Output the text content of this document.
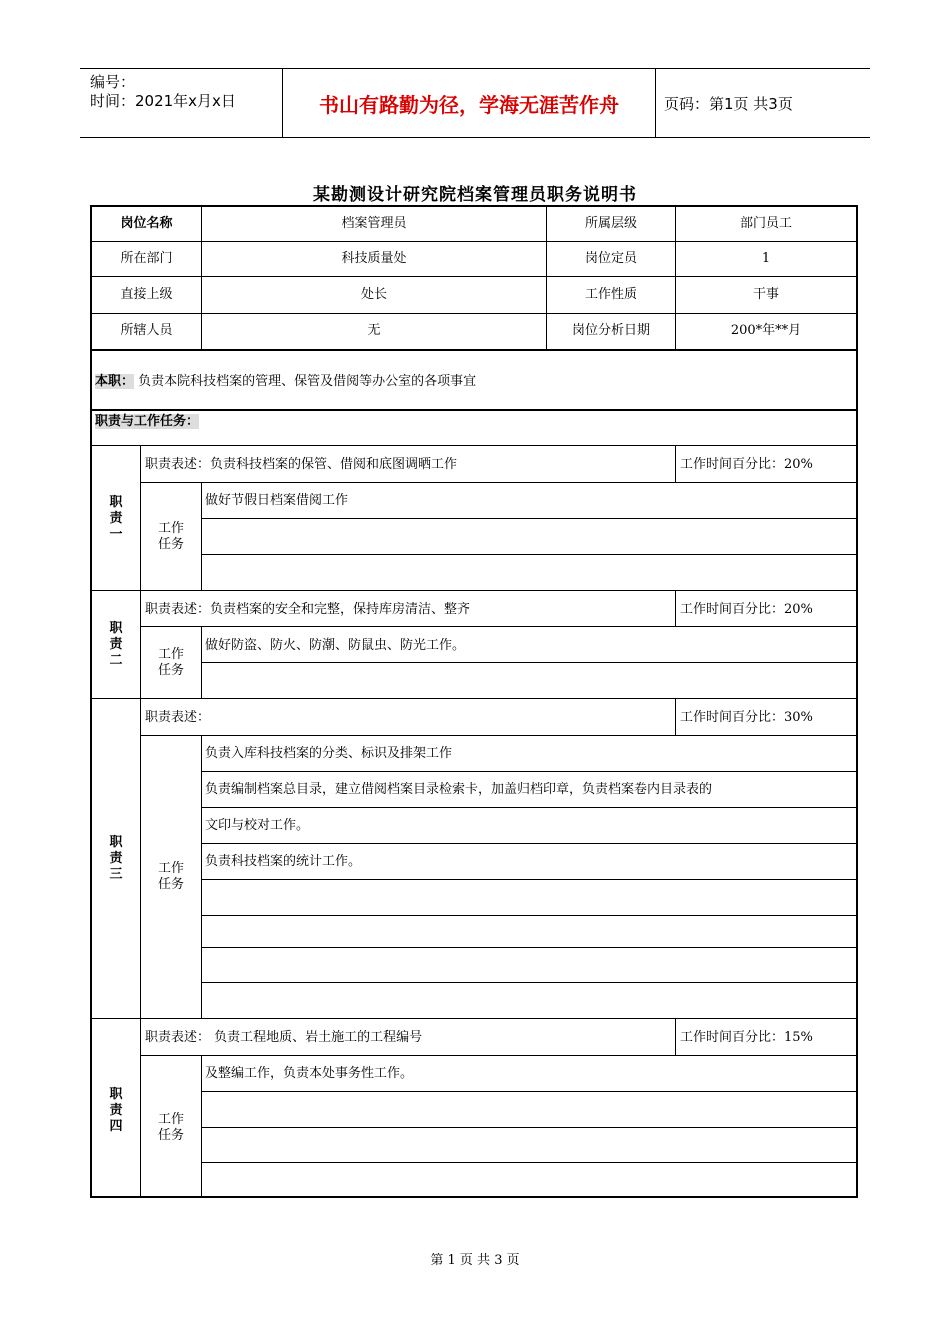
编号：
时间：2021年x月x日	书山有路勤为径，学海无涯苦作舟	页码：第1页 共3页
某勘测设计研究院档案管理员职务说明书
岗位名称	档案管理员	所属层级	部门员工
所在部门	科技质量处	岗位定员	1
直接上级	处长	工作性质	干事
所辖人员	无	岗位分析日期	200*年**月
本职： 负责本院科技档案的管理、保管及借阅等办公室的各项事宜
职责与工作任务：
职
责
一
职责表述：负责科技档案的保管、借阅和底图调晒工作	工作时间百分比：20%
工作
任务
做好节假日档案借阅工作
职
责
二
职责表述：负责档案的安全和完整，保持库房清洁、整齐	工作时间百分比：20%
工作
任务
做好防盗、防火、防潮、防鼠虫、防光工作。
职
责
三
职责表述：	工作时间百分比：30%
工作
任务
负责入库科技档案的分类、标识及排架工作
负责编制档案总目录，建立借阅档案目录检索卡，加盖归档印章，负责档案卷内目录表的
文印与校对工作。
负责科技档案的统计工作。
职
责
四
职责表述： 负责工程地质、岩土施工的工程编号	工作时间百分比：15%
工作
任务
及整编工作，负责本处事务性工作。
第 1 页 共 3 页
